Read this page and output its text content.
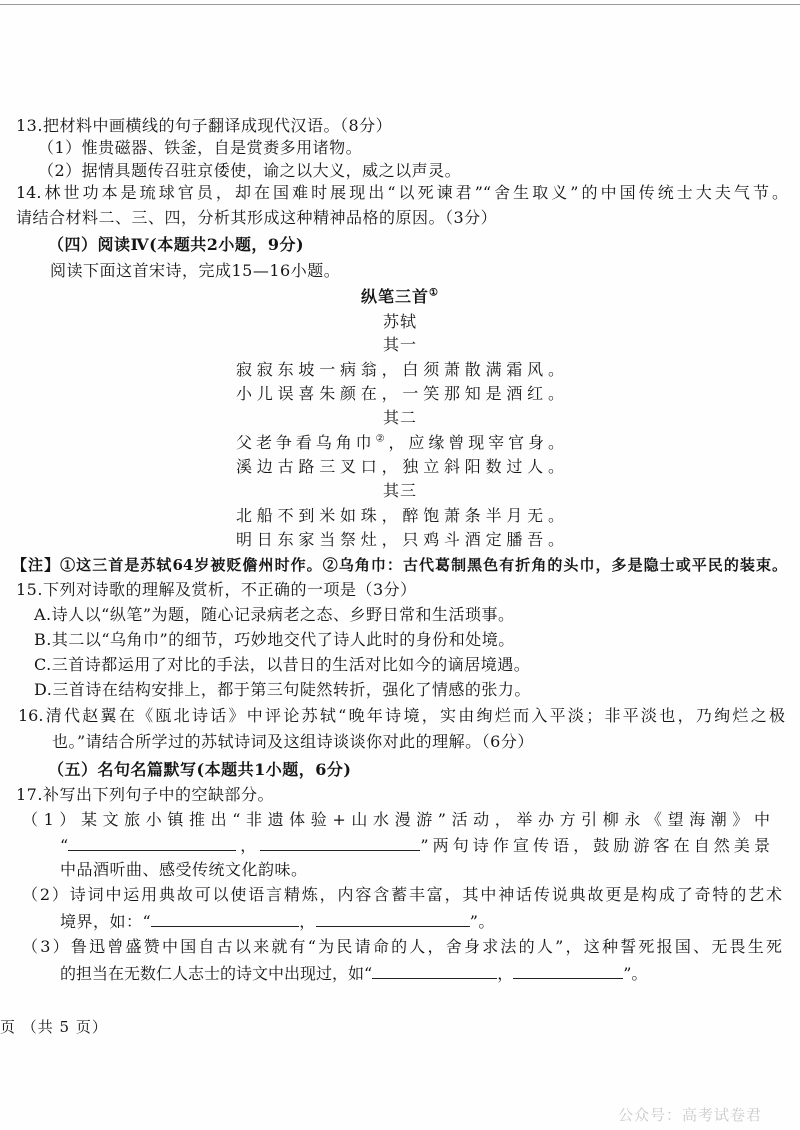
13.把材料中画横线的句子翻译成现代汉语。（8分）
（1）惟贵磁器、铁釜，自是赏赉多用诸物。
（2）据情具题传召驻京倭使，谕之以大义，威之以声灵。
14.林世功本是琉球官员，却在国难时展现出“以死谏君”“舍生取义”的中国传统士大夫气节。
请结合材料二、三、四，分析其形成这种精神品格的原因。（3分）
（四）阅读Ⅳ(本题共2小题，9分)
阅读下面这首宋诗，完成15—16小题。
纵笔三首①
苏轼
其一
寂寂东坡一病翁，白须萧散满霜风。
小儿误喜朱颜在，一笑那知是酒红。
其二
父老争看乌角巾②，应缘曾现宰官身。
溪边古路三叉口，独立斜阳数过人。
其三
北船不到米如珠，醉饱萧条半月无。
明日东家当祭灶，只鸡斗酒定膰吾。
【注】①这三首是苏轼64岁被贬儋州时作。②乌角巾：古代葛制黑色有折角的头巾，多是隐士或平民的装束。
15.下列对诗歌的理解及赏析，不正确的一项是（3分）
A.诗人以“纵笔”为题，随心记录病老之态、乡野日常和生活琐事。
B.其二以“乌角巾”的细节，巧妙地交代了诗人此时的身份和处境。
C.三首诗都运用了对比的手法，以昔日的生活对比如今的谪居境遇。
D.三首诗在结构安排上，都于第三句陡然转折，强化了情感的张力。
16.清代赵翼在《瓯北诗话》中评论苏轼“晚年诗境，实由绚烂而入平淡；非平淡也，乃绚烂之极
也。”请结合所学过的苏轼诗词及这组诗谈谈你对此的理解。（6分）
（五）名句名篇默写(本题共1小题，6分)
17.补写出下列句子中的空缺部分。
（1）某文旅小镇推出“非遗体验+山水漫游”活动，举办方引柳永《望海潮》中
“	，	”两句诗作宣传语，鼓励游客在自然美景
中品酒听曲、感受传统文化韵味。
（2）诗词中运用典故可以使语言精炼，内容含蓄丰富，其中神话传说典故更是构成了奇特的艺术
境界，如：“	，	”。
（3）鲁迅曾盛赞中国自古以来就有“为民请命的人，舍身求法的人”，这种誓死报国、无畏生死
的担当在无数仁人志士的诗文中出现过，如“	，	”。
页 （共 5 页）
公众号：高考试卷君
